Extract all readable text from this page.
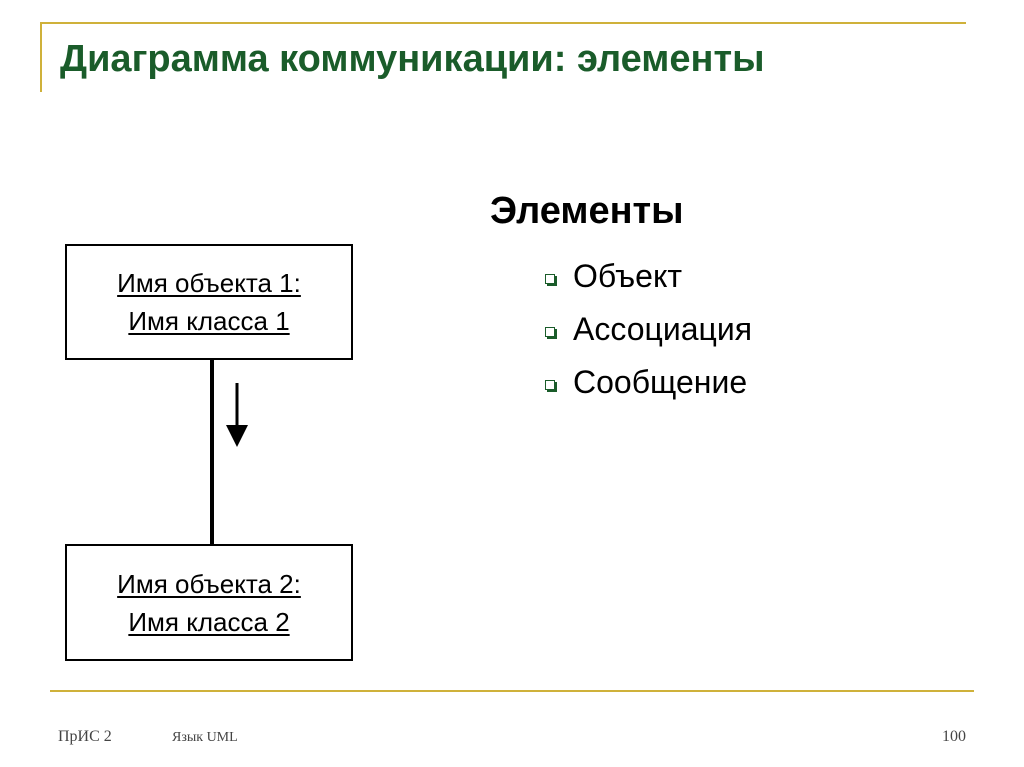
Диаграмма коммуникации: элементы
Элементы
Объект
Ассоциация
Сообщение
Имя объекта 1:
Имя класса 1
Имя объекта 2:
Имя класса 2
ПрИС 2	Язык UML	100
